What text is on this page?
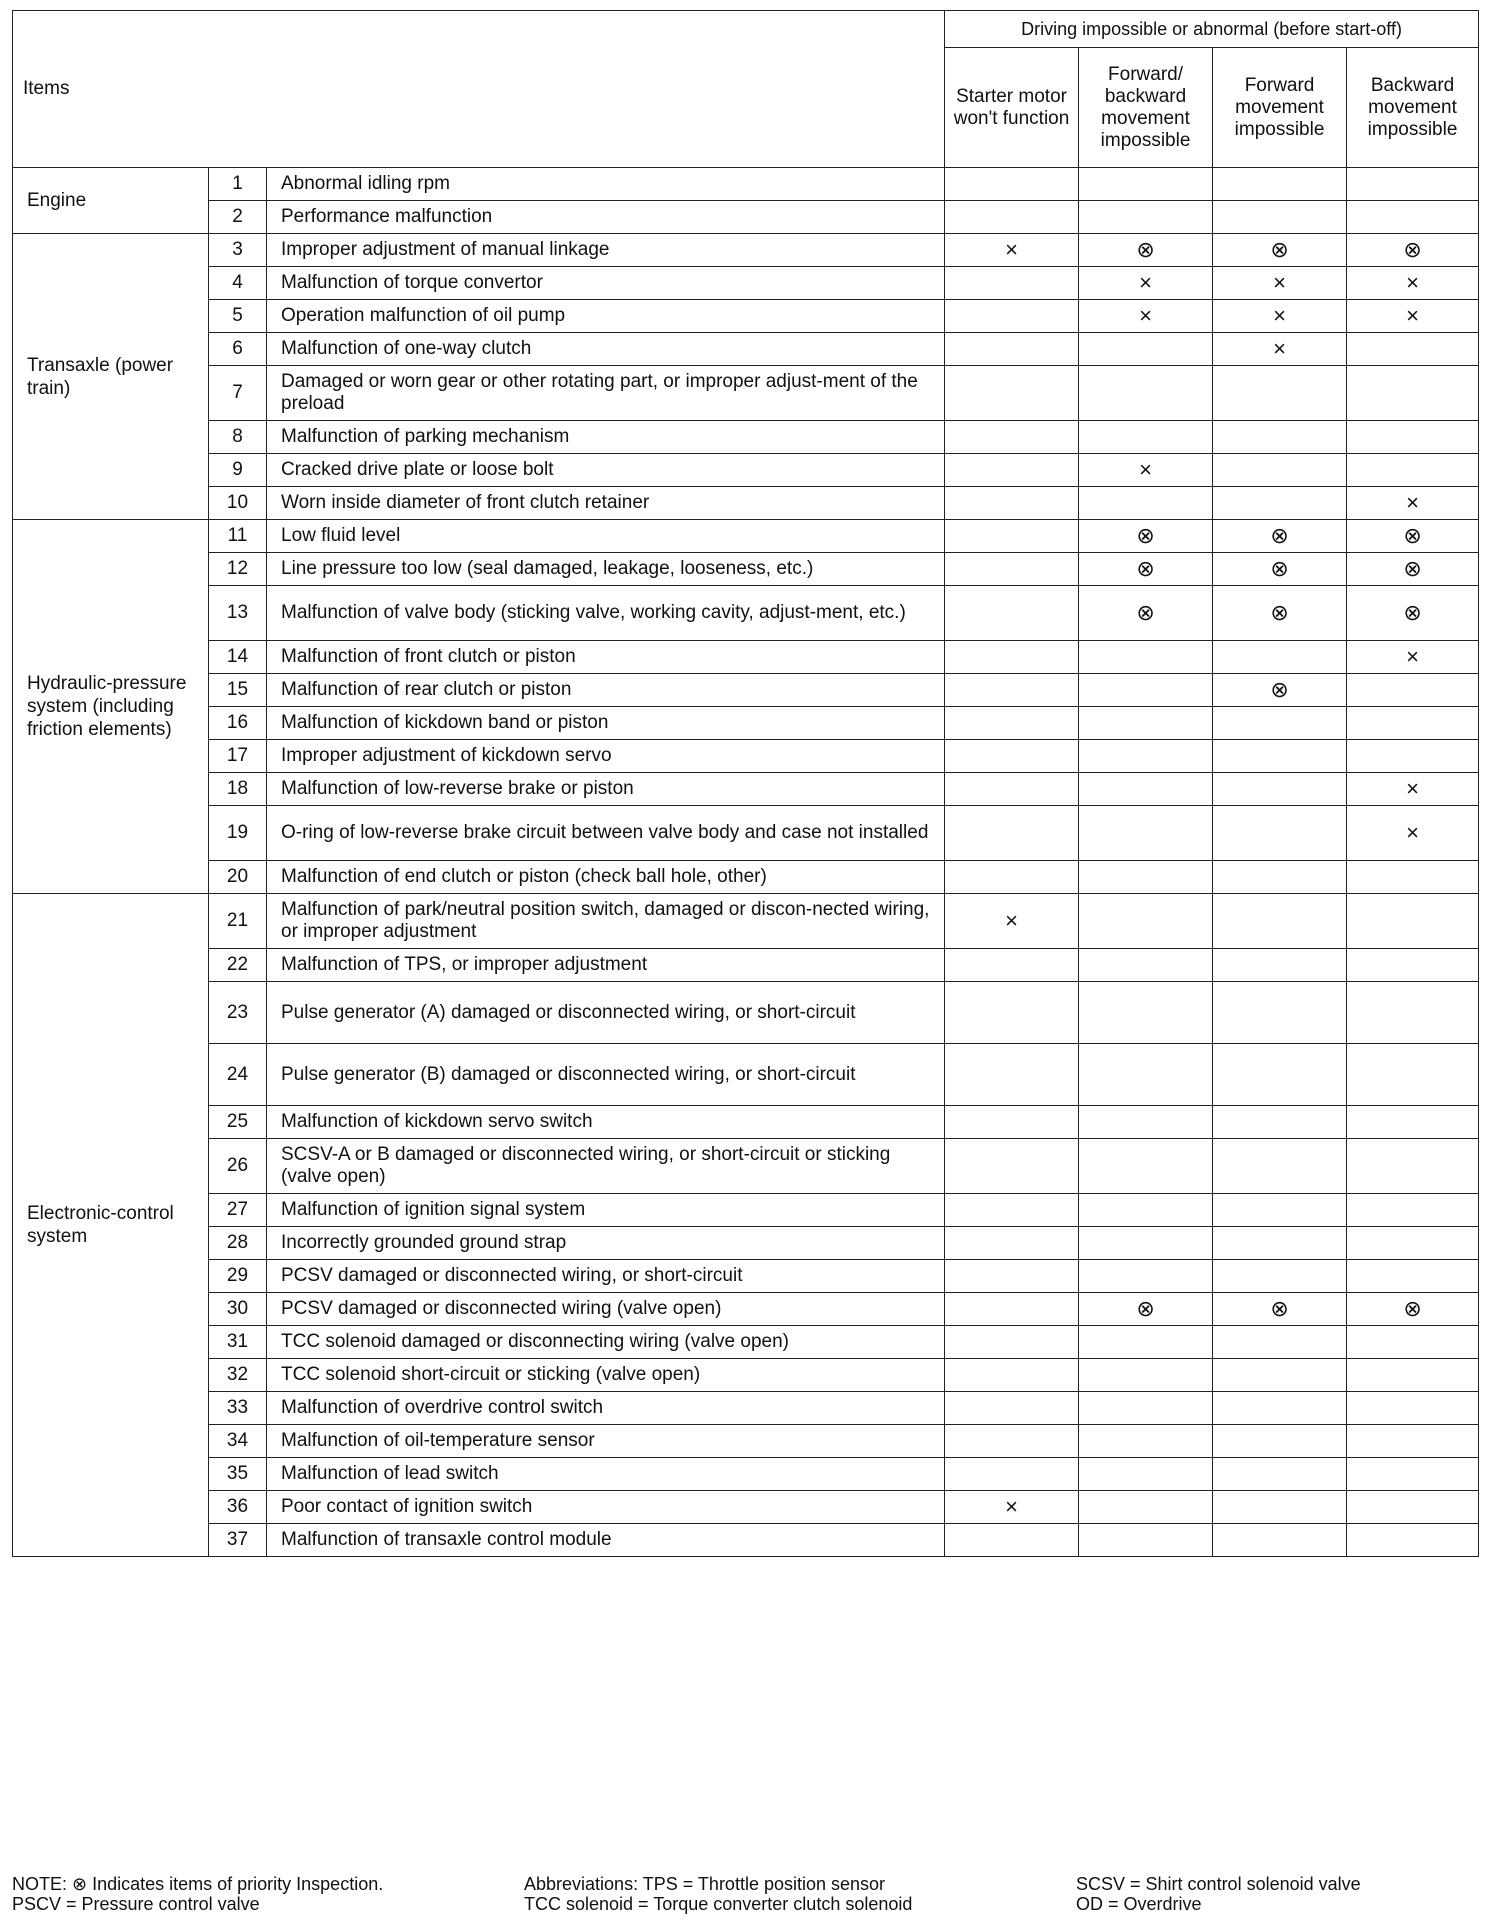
Items			Driving impossible or abnormal (before start-off)			
			Starter motor won't function	Forward/ backward movement impossible	Forward movement impossible	Backward movement impossible
Engine	1	Abnormal idling rpm				
	2	Performance malfunction				
Transaxle (power train)	3	Improper adjustment of manual linkage	×	⊗	⊗	⊗
	4	Malfunction of torque convertor		×	×	×
	5	Operation malfunction of oil pump		×	×	×
	6	Malfunction of one-way clutch			×	
	7	Damaged or worn gear or other rotating part, or improper adjust-ment of the preload				
	8	Malfunction of parking mechanism				
	9	Cracked drive plate or loose bolt		×		
	10	Worn inside diameter of front clutch retainer				×
Hydraulic-pressure system (including friction elements)	11	Low fluid level		⊗	⊗	⊗
	12	Line pressure too low (seal damaged, leakage, looseness, etc.)		⊗	⊗	⊗
	13	Malfunction of valve body (sticking valve, working cavity, adjust-ment, etc.)		⊗	⊗	⊗
	14	Malfunction of front clutch or piston				×
	15	Malfunction of rear clutch or piston			⊗	
	16	Malfunction of kickdown band or piston				
	17	Improper adjustment of kickdown servo				
	18	Malfunction of low-reverse brake or piston				×
	19	O-ring of low-reverse brake circuit between valve body and case not installed				×
	20	Malfunction of end clutch or piston (check ball hole, other)				
Electronic-control system	21	Malfunction of park/neutral position switch, damaged or discon-nected wiring, or improper adjustment	×			
	22	Malfunction of TPS, or improper adjustment				
	23	Pulse generator (A) damaged or disconnected wiring, or short-circuit				
	24	Pulse generator (B) damaged or disconnected wiring, or short-circuit				
	25	Malfunction of kickdown servo switch				
	26	SCSV-A or B damaged or disconnected wiring, or short-circuit or sticking (valve open)				
	27	Malfunction of ignition signal system				
	28	Incorrectly grounded ground strap				
	29	PCSV damaged or disconnected wiring, or short-circuit				
	30	PCSV damaged or disconnected wiring (valve open)		⊗	⊗	⊗
	31	TCC solenoid damaged or disconnecting wiring (valve open)				
	32	TCC solenoid short-circuit or sticking (valve open)				
	33	Malfunction of overdrive control switch				
	34	Malfunction of oil-temperature sensor				
	35	Malfunction of lead switch				
	36	Poor contact of ignition switch	×			
	37	Malfunction of transaxle control module				
NOTE: ⊗ Indicates items of priority Inspection.
PSCV = Pressure control valve
Abbreviations: TPS = Throttle position sensor
TCC solenoid = Torque converter clutch solenoid
SCSV = Shirt control solenoid valve
OD = Overdrive
